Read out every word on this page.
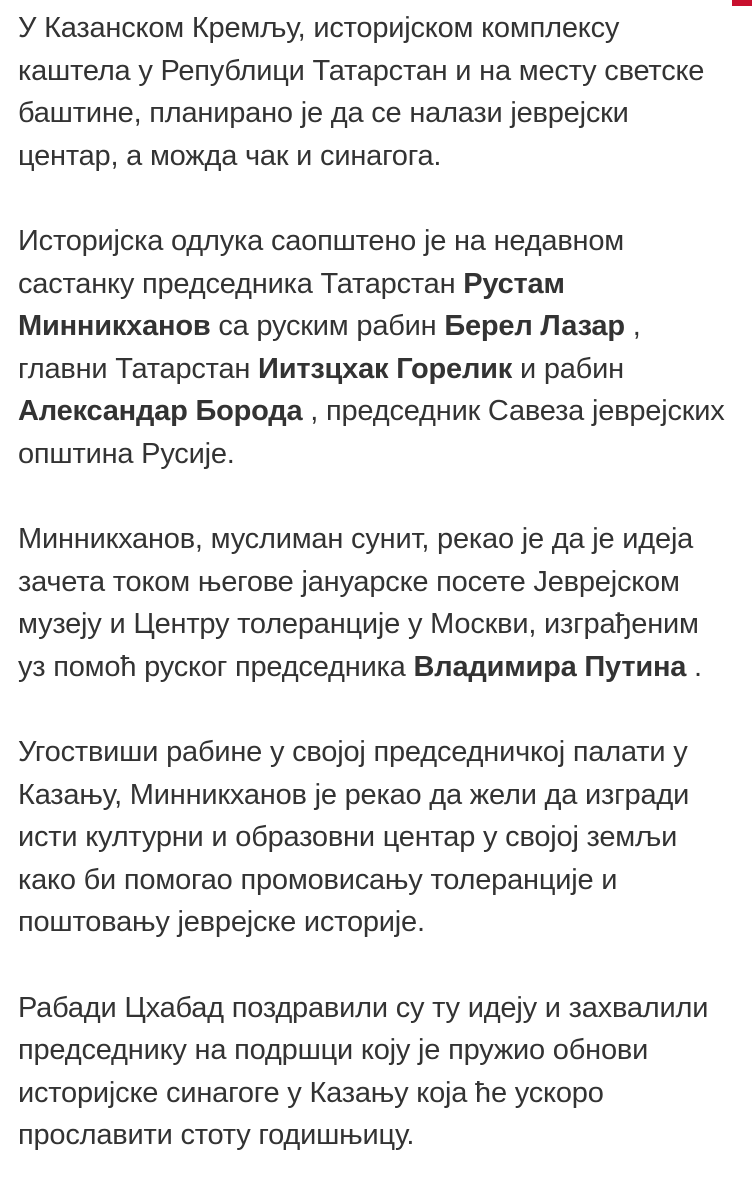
У Казанском Кремљу, историјском комплексу каштела у Републици Татарстан и на месту светске баштине, планирано је да се налази јеврејски центар, а можда чак и синагога.

Историјска одлука саопштено је на недавном састанку председника Татарстан Рустам Минникханов са руским рабин Берел Лазар , главни Татарстан Иитзцхак Горелик и рабин Александар Борода , председник Савеза јеврејских општина Русије.

Минникханов, муслиман сунит, рекао је да је идеја зачета током његове јануарске посете Јеврејском музеју и Центру толеранције у Москви, изграђеним уз помоћ руског председника Владимира Путина .

Угоствиши рабине у својој председничкој палати у Казању, Минникханов је рекао да жели да изгради исти културни и образовни центар у својој земљи како би помогао промовисању толеранције и поштовању јеврејске историје.

Рабади Цхабад поздравили су ту идеју и захвалили председнику на подршци коју је пружио обнови историјске синагоге у Казању која ће ускоро прославити стоту годишњицу.
